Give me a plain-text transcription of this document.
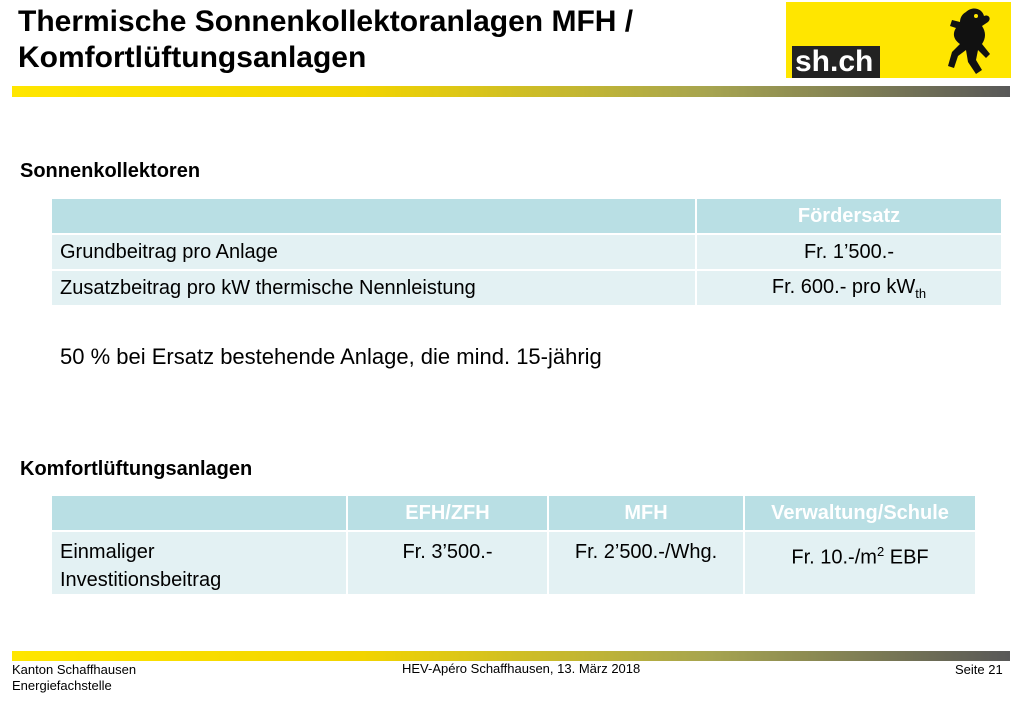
Thermische Sonnenkollektoranlagen MFH /
Komfortlüftungsanlagen	sh.ch
Sonnenkollektoren
	Fördersatz
Grundbeitrag pro Anlage	Fr. 1’500.-
Zusatzbeitrag pro kW thermische Nennleistung	Fr. 600.- pro $kW_{th}$

50 % bei Ersatz bestehende Anlage, die mind. 15-jährig

Komfortlüftungsanlagen
	EFH/ZFH	MFH	Verwaltung/Schule
Einmaliger
Investitionsbeitrag	Fr. 3’500.-	Fr. 2’500.-/Whg.	Fr. $10.-/m^2$ EBF
Kanton Schaffhausen
Energiefachstelle
HEV-Apéro Schaffhausen, 13. März 2018	Seite 21
